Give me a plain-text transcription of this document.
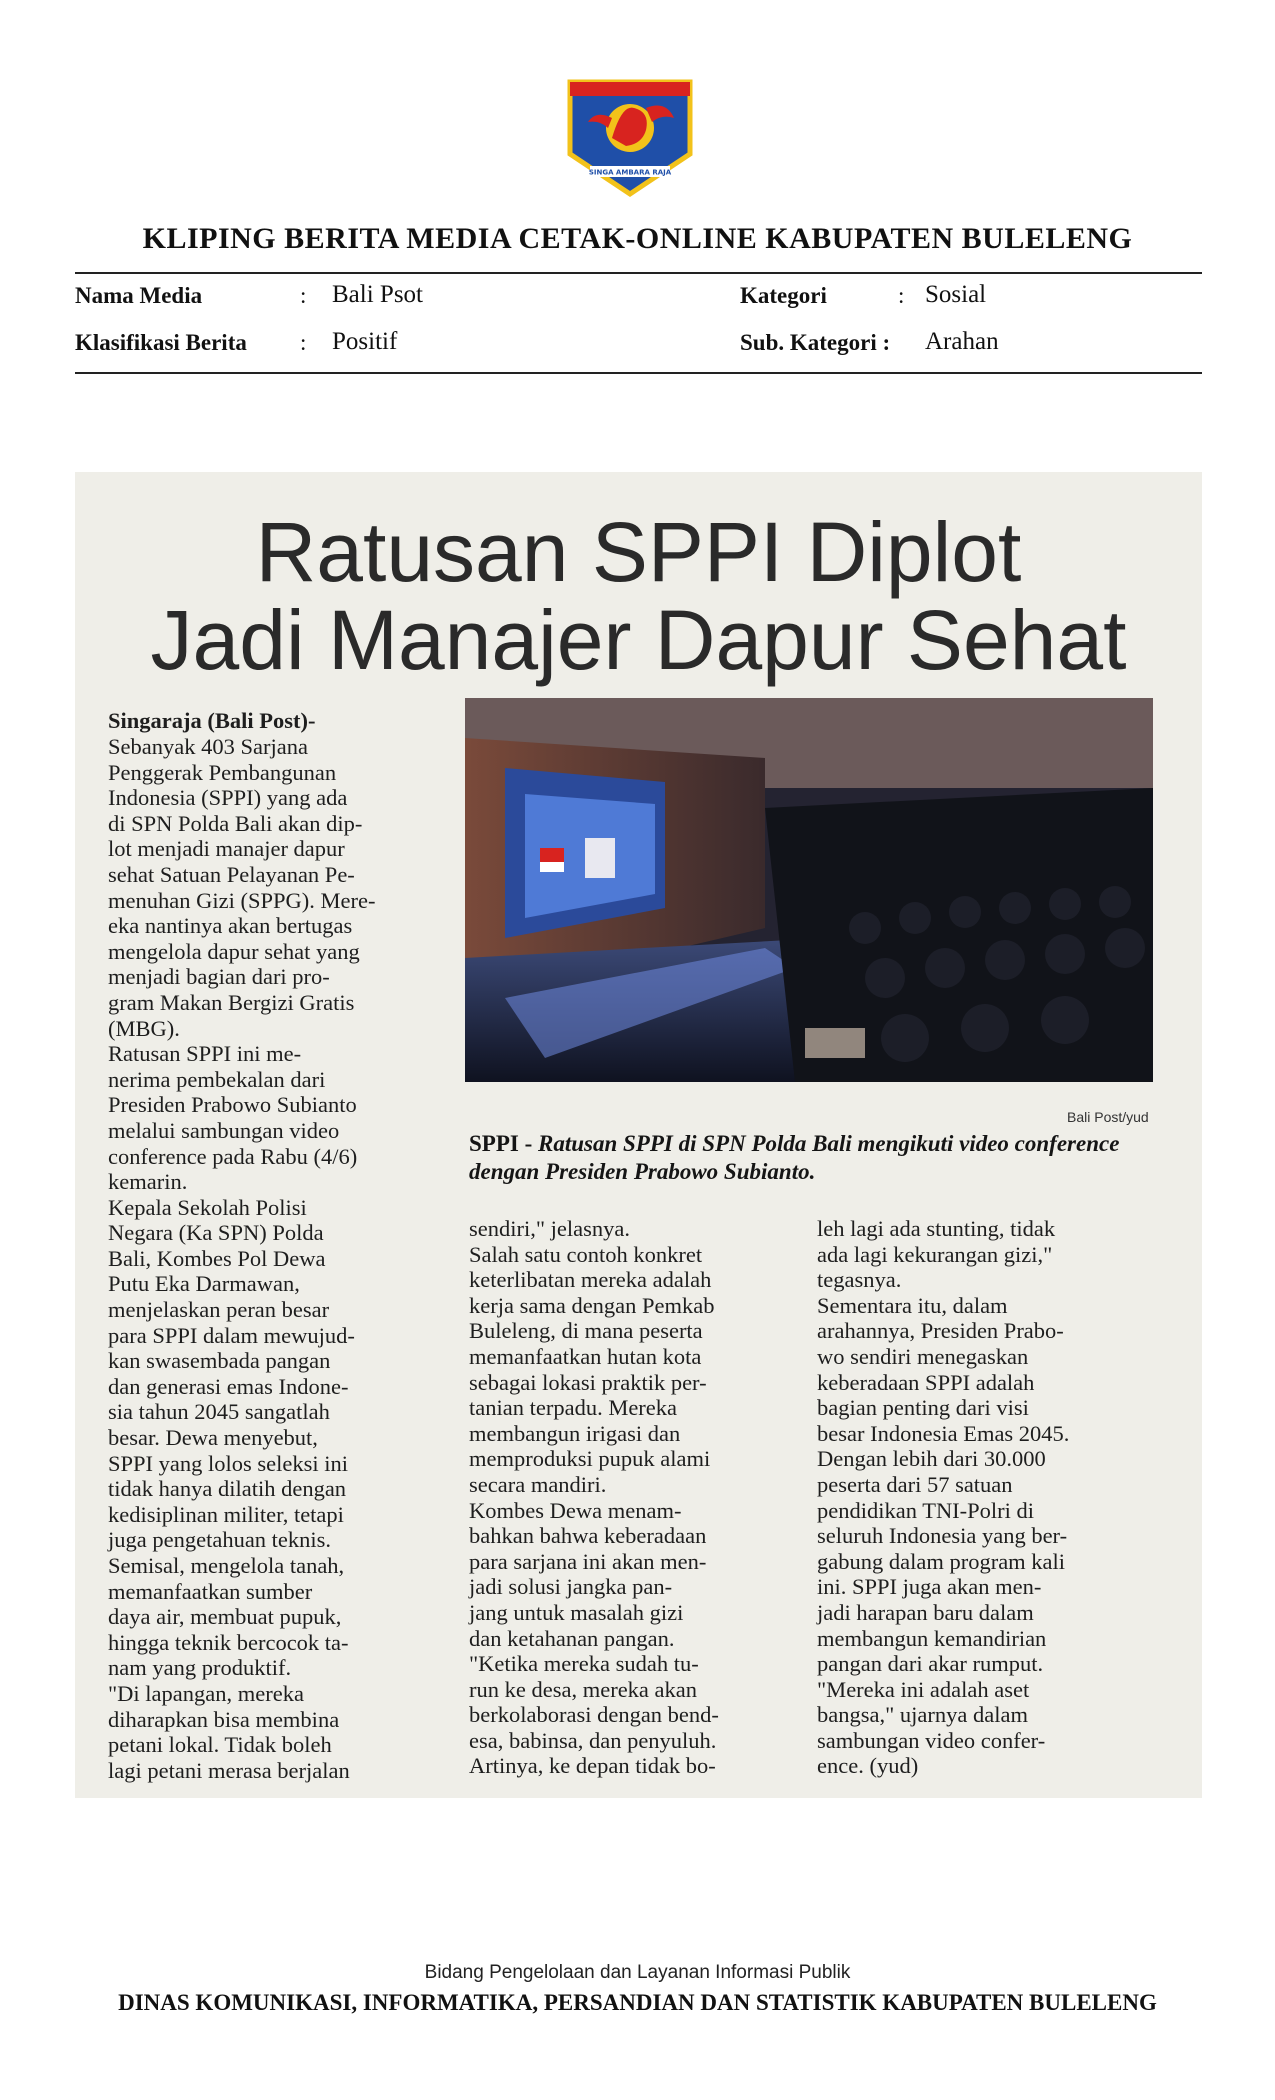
SINGA AMBARA RAJA
KLIPING BERITA MEDIA CETAK-ONLINE KABUPATEN BULELENG
Nama Media	: Bali Psot	Kategori	: Sosial
Klasifikasi Berita : Positif	Sub. Kategori : Arahan
Ratusan SPPI Diplot
Jadi Manajer Dapur Sehat
Singaraja (Bali Post)-
Sebanyak 403 Sarjana
Penggerak Pembangunan
Indonesia (SPPI) yang ada
di SPN Polda Bali akan dip-
lot menjadi manajer dapur
sehat Satuan Pelayanan Pe-
menuhan Gizi (SPPG). Mere-
eka nantinya akan bertugas
mengelola dapur sehat yang
menjadi bagian dari pro-
gram Makan Bergizi Gratis
(MBG).
Ratusan SPPI ini me-
nerima pembekalan dari
Presiden Prabowo Subianto
melalui sambungan video
conference pada Rabu (4/6)
kemarin.
Kepala Sekolah Polisi
Negara (Ka SPN) Polda
Bali, Kombes Pol Dewa
Putu Eka Darmawan,
menjelaskan peran besar
para SPPI dalam mewujud-
kan swasembada pangan
dan generasi emas Indone-
sia tahun 2045 sangatlah
besar. Dewa menyebut,
SPPI yang lolos seleksi ini
tidak hanya dilatih dengan
kedisiplinan militer, tetapi
juga pengetahuan teknis.
Semisal, mengelola tanah,
memanfaatkan sumber
daya air, membuat pupuk,
hingga teknik bercocok ta-
nam yang produktif.
"Di lapangan, mereka
diharapkan bisa membina
petani lokal. Tidak boleh
lagi petani merasa berjalan
Bali Post/yud
SPPI - Ratusan SPPI di SPN Polda Bali mengikuti video conference dengan Presiden Prabowo Subianto.
sendiri," jelasnya.
Salah satu contoh konkret
keterlibatan mereka adalah
kerja sama dengan Pemkab
Buleleng, di mana peserta
memanfaatkan hutan kota
sebagai lokasi praktik per-
tanian terpadu. Mereka
membangun irigasi dan
memproduksi pupuk alami
secara mandiri.
Kombes Dewa menam-
bahkan bahwa keberadaan
para sarjana ini akan men-
jadi solusi jangka pan-
jang untuk masalah gizi
dan ketahanan pangan.
"Ketika mereka sudah tu-
run ke desa, mereka akan
berkolaborasi dengan bend-
esa, babinsa, dan penyuluh.
Artinya, ke depan tidak bo-
leh lagi ada stunting, tidak
ada lagi kekurangan gizi,"
tegasnya.
Sementara itu, dalam
arahannya, Presiden Prabo-
wo sendiri menegaskan
keberadaan SPPI adalah
bagian penting dari visi
besar Indonesia Emas 2045.
Dengan lebih dari 30.000
peserta dari 57 satuan
pendidikan TNI-Polri di
seluruh Indonesia yang ber-
gabung dalam program kali
ini. SPPI juga akan men-
jadi harapan baru dalam
membangun kemandirian
pangan dari akar rumput.
"Mereka ini adalah aset
bangsa," ujarnya dalam
sambungan video confer-
ence. (yud)
Bidang Pengelolaan dan Layanan Informasi Publik
DINAS KOMUNIKASI, INFORMATIKA, PERSANDIAN DAN STATISTIK KABUPATEN BULELENG
